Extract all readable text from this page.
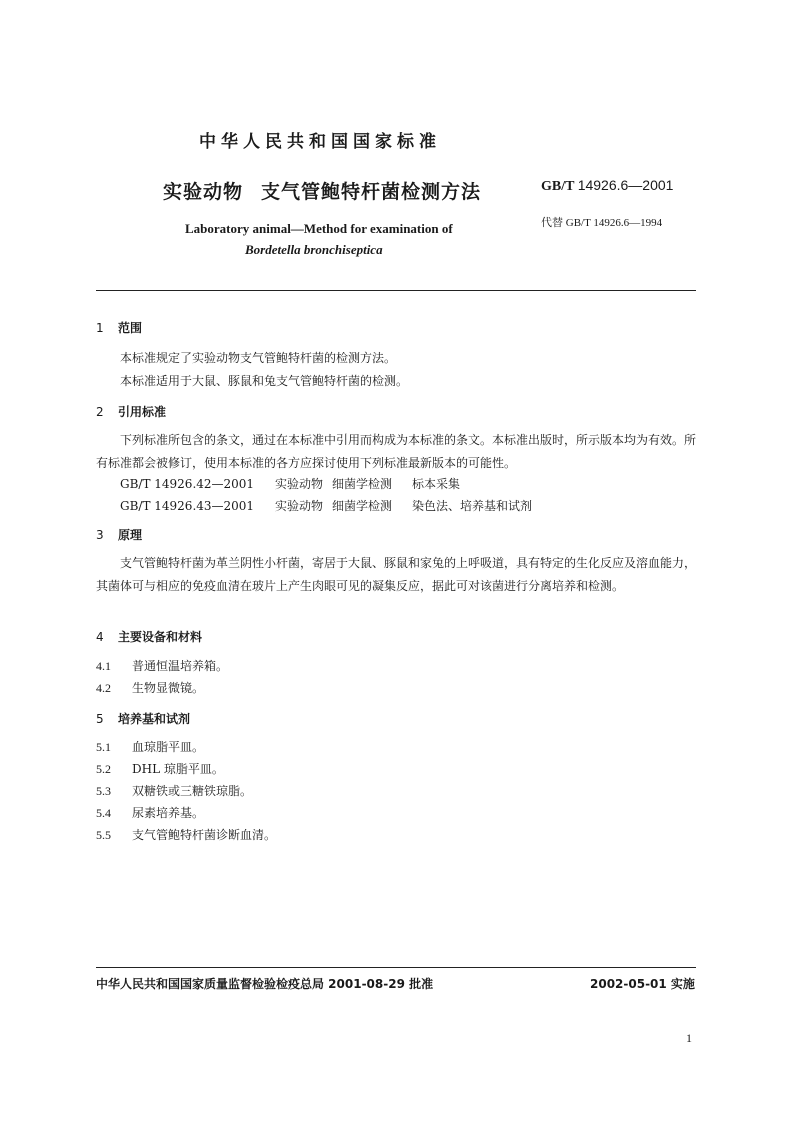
中华人民共和国国家标准
实验动物 支气管鲍特杆菌检测方法	GB/T 14926.6—2001
代替 GB/T 14926.6—1994
Laboratory animal—Method for examination of
Bordetella bronchiseptica
1 范围
本标准规定了实验动物支气管鲍特杆菌的检测方法。
本标准适用于大鼠、豚鼠和兔支气管鲍特杆菌的检测。
2 引用标准
下列标准所包含的条文，通过在本标准中引用而构成为本标准的条文。本标准出版时，所示版本均为有效。所有标准都会被修订，使用本标准的各方应探讨使用下列标准最新版本的可能性。
GB/T 14926.42—2001 实验动物 细菌学检测 标本采集
GB/T 14926.43—2001 实验动物 细菌学检测 染色法、培养基和试剂
3 原理
支气管鲍特杆菌为革兰阴性小杆菌，寄居于大鼠、豚鼠和家兔的上呼吸道，具有特定的生化反应及溶血能力，其菌体可与相应的免疫血清在玻片上产生肉眼可见的凝集反应，据此可对该菌进行分离培养和检测。
4 主要设备和材料
4.1 普通恒温培养箱。
4.2 生物显微镜。
5 培养基和试剂
5.1 血琼脂平皿。
5.2 DHL 琼脂平皿。
5.3 双糖铁或三糖铁琼脂。
5.4 尿素培养基。
5.5 支气管鲍特杆菌诊断血清。
中华人民共和国国家质量监督检验检疫总局 2001-08-29 批准	2002-05-01 实施
1
